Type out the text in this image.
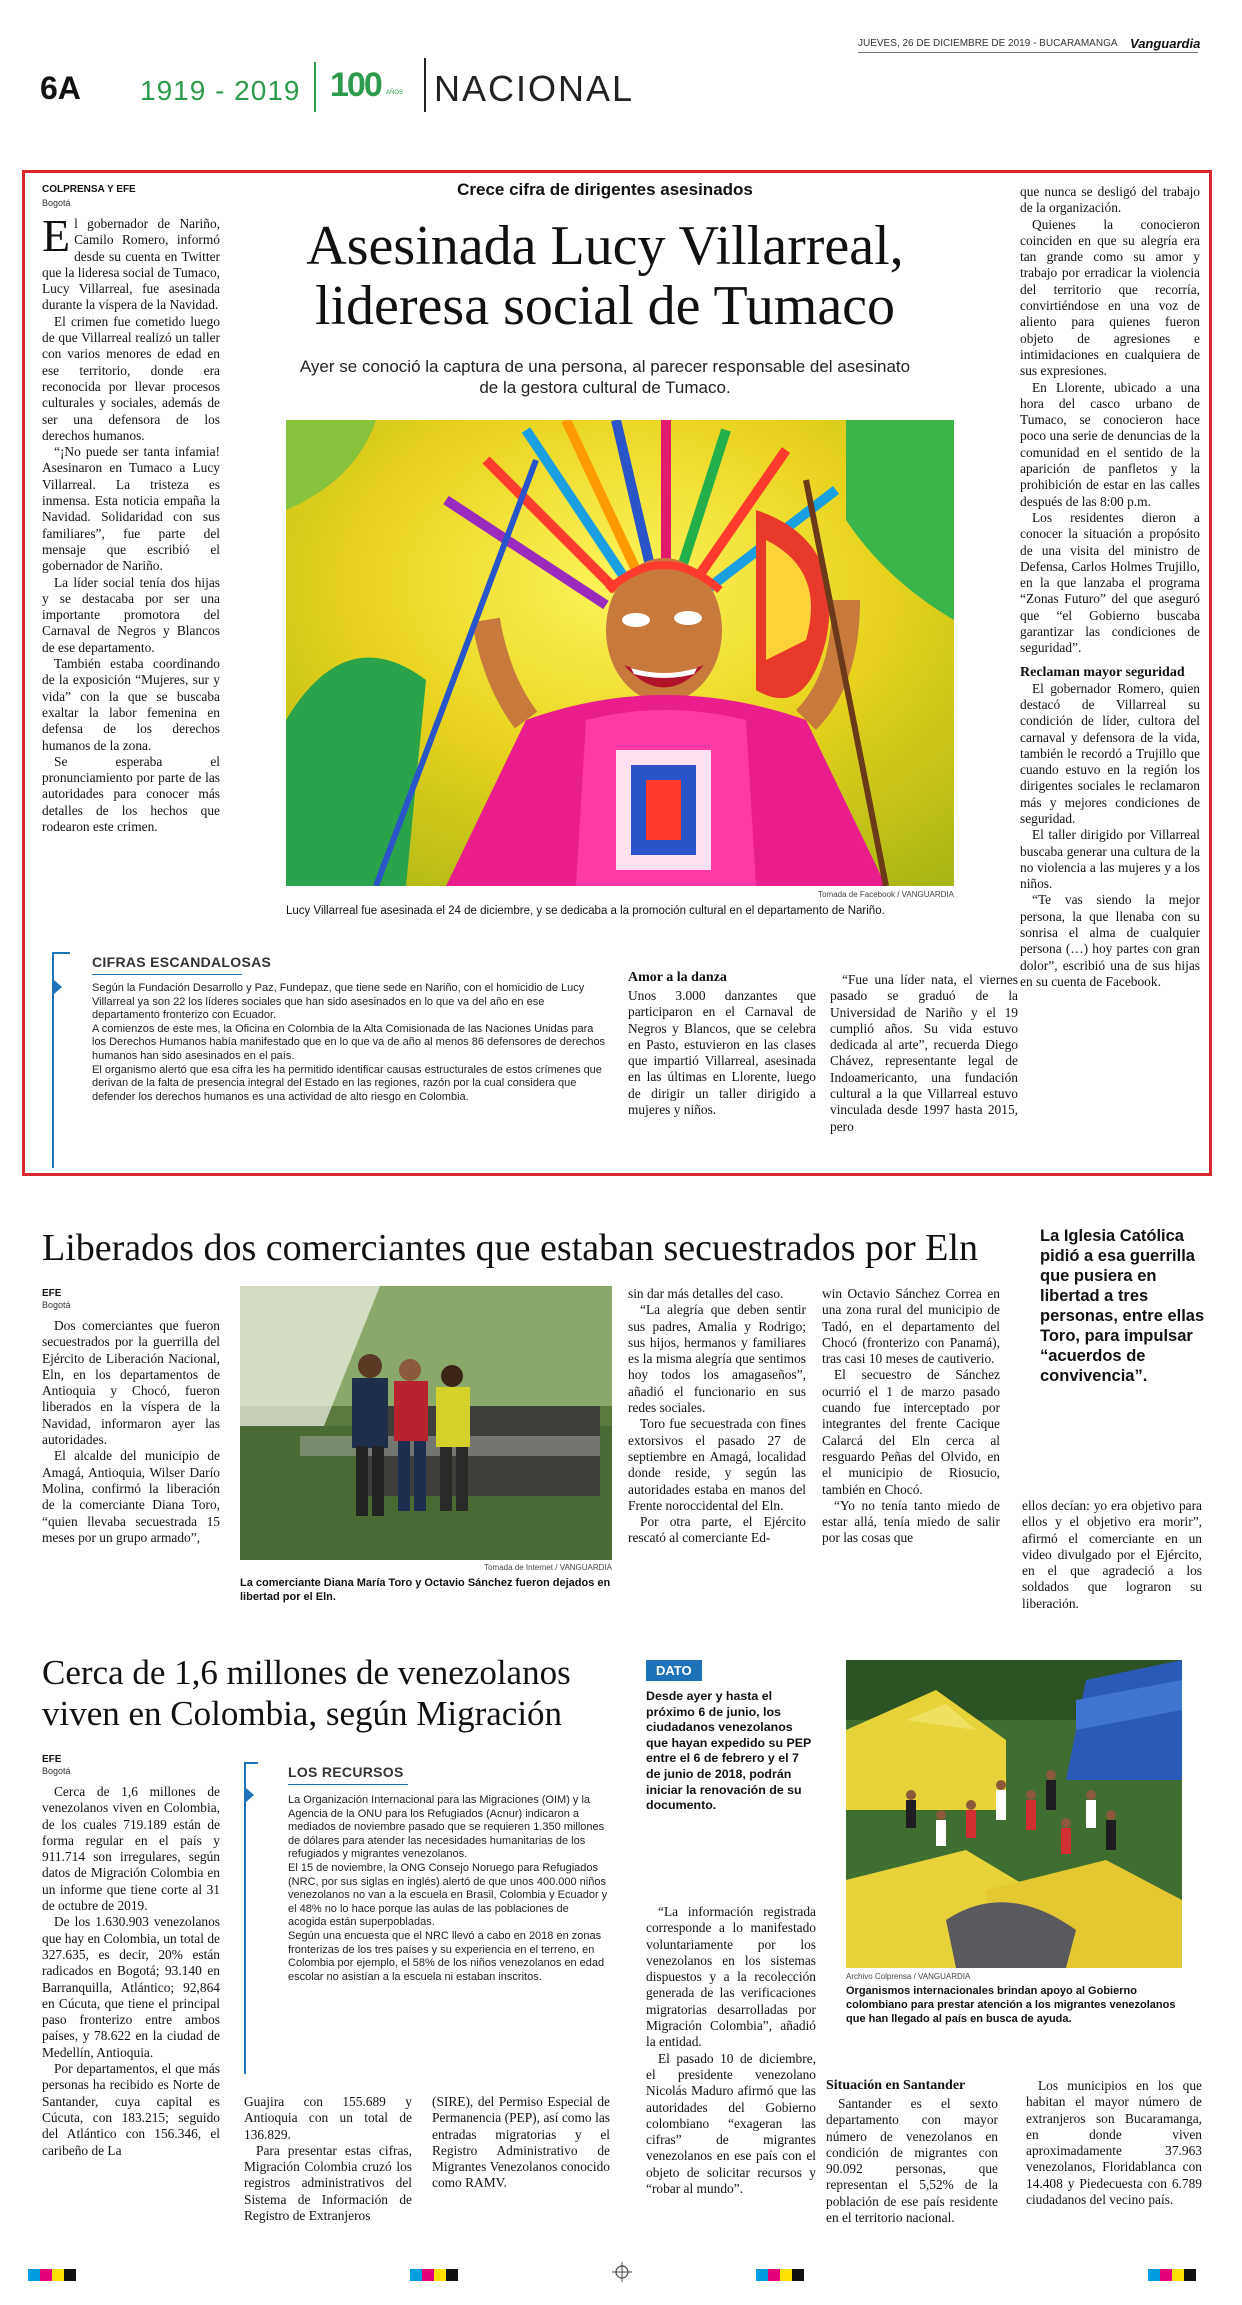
JUEVES, 26 DE DICIEMBRE DE 2019 - BUCARAMANGA Vanguardia
6A 1919 - 2019 100 AÑOS NACIONAL
COLPRENSA Y EFE
Bogotá

El gobernador de Nariño, Camilo Romero, informó desde su cuenta en Twitter que la lideresa social de Tumaco, Lucy Villarreal, fue asesinada durante la víspera de la Navidad.

El crimen fue cometido luego de que Villarreal realizó un taller con varios menores de edad en ese territorio, donde era reconocida por llevar procesos culturales y sociales, además de ser una defensora de los derechos humanos.

“¡No puede ser tanta infamia! Asesinaron en Tumaco a Lucy Villarreal. La tristeza es inmensa. Esta noticia empaña la Navidad. Solidaridad con sus familiares”, fue parte del mensaje que escribió el gobernador de Nariño.

La líder social tenía dos hijas y se destacaba por ser una importante promotora del Carnaval de Negros y Blancos de ese departamento.

También estaba coordinando de la exposición “Mujeres, sur y vida” con la que se buscaba exaltar la labor femenina en defensa de los derechos humanos de la zona.

Se esperaba el pronunciamiento por parte de las autoridades para conocer más detalles de los hechos que rodearon este crimen.

Crece cifra de dirigentes asesinados
Asesinada Lucy Villarreal,
lideresa social de Tumaco
Ayer se conoció la captura de una persona, al parecer responsable del asesinato
de la gestora cultural de Tumaco.
Tomada de Facebook / VANGUARDIA
Lucy Villarreal fue asesinada el 24 de diciembre, y se dedicaba a la promoción cultural en el departamento de Nariño.
CIFRAS ESCANDALOSAS

Según la Fundación Desarrollo y Paz, Fundepaz, que tiene sede en Nariño, con el homicidio de Lucy Villarreal ya son 22 los líderes sociales que han sido asesinados en lo que va del año en ese departamento fronterizo con Ecuador.

A comienzos de este mes, la Oficina en Colombia de la Alta Comisionada de las Naciones Unidas para los Derechos Humanos había manifestado que en lo que va de año al menos 86 defensores de derechos humanos han sido asesinados en el país.

El organismo alertó que esa cifra les ha permitido identificar causas estructurales de estos crímenes que derivan de la falta de presencia integral del Estado en las regiones, razón por la cual considera que defender los derechos humanos es una actividad de alto riesgo en Colombia.

Amor a la danza

Unos 3.000 danzantes que participaron en el Carnaval de Negros y Blancos, que se celebra en Pasto, estuvieron en las clases que impartió Villarreal, asesinada en las últimas en Llorente, luego de dirigir un taller dirigido a mujeres y niños.

“Fue una líder nata, el viernes pasado se graduó de la Universidad de Nariño y el 19 cumplió años. Su vida estuvo dedicada al arte”, recuerda Diego Chávez, representante legal de Indoamericanto, una fundación cultural a la que Villarreal estuvo vinculada desde 1997 hasta 2015, pero

que nunca se desligó del trabajo de la organización.

Quienes la conocieron coinciden en que su alegría era tan grande como su amor y trabajo por erradicar la violencia del territorio que recorría, convirtiéndose en una voz de aliento para quienes fueron objeto de agresiones e intimidaciones en cualquiera de sus expresiones.

En Llorente, ubicado a una hora del casco urbano de Tumaco, se conocieron hace poco una serie de denuncias de la comunidad en el sentido de la aparición de panfletos y la prohibición de estar en las calles después de las 8:00 p.m.

Los residentes dieron a conocer la situación a propósito de una visita del ministro de Defensa, Carlos Holmes Trujillo, en la que lanzaba el programa “Zonas Futuro” del que aseguró que “el Gobierno buscaba garantizar las condiciones de seguridad”.

Reclaman mayor seguridad

El gobernador Romero, quien destacó de Villarreal su condición de líder, cultora del carnaval y defensora de la vida, también le recordó a Trujillo que cuando estuvo en la región los dirigentes sociales le reclamaron más y mejores condiciones de seguridad.

El taller dirigido por Villarreal buscaba generar una cultura de la no violencia a las mujeres y a los niños.

“Te vas siendo la mejor persona, la que llenaba con su sonrisa el alma de cualquier persona (…) hoy partes con gran dolor”, escribió una de sus hijas en su cuenta de Facebook.

Liberados dos comerciantes que estaban secuestrados por Eln
EFE
Bogotá

Dos comerciantes que fueron secuestrados por la guerrilla del Ejército de Liberación Nacional, Eln, en los departamentos de Antioquia y Chocó, fueron liberados en la víspera de la Navidad, informaron ayer las autoridades.

El alcalde del municipio de Amagá, Antioquia, Wilser Darío Molina, confirmó la liberación de la comerciante Diana Toro, “quien llevaba secuestrada 15 meses por un grupo armado”,

Tomada de Internet / VANGUARDIA
La comerciante Diana María Toro y Octavio Sánchez fueron dejados en libertad por el Eln.

sin dar más detalles del caso.

“La alegría que deben sentir sus padres, Amalia y Rodrigo; sus hijos, hermanos y familiares es la misma alegría que sentimos hoy todos los amagaseños”, añadió el funcionario en sus redes sociales.

Toro fue secuestrada con fines extorsivos el pasado 27 de septiembre en Amagá, localidad donde reside, y según las autoridades estaba en manos del Frente noroccidental del Eln.

Por otra parte, el Ejército rescató al comerciante Ed-

win Octavio Sánchez Correa en una zona rural del municipio de Tadó, en el departamento del Chocó (fronterizo con Panamá), tras casi 10 meses de cautiverio.

El secuestro de Sánchez ocurrió el 1 de marzo pasado cuando fue interceptado por integrantes del frente Cacique Calarcá del Eln cerca al resguardo Peñas del Olvido, en el municipio de Riosucio, también en Chocó.

“Yo no tenía tanto miedo de estar allá, tenía miedo de salir por las cosas que

La Iglesia Católica pidió a esa guerrilla que pusiera en libertad a tres personas, entre ellas Toro, para impulsar “acuerdos de convivencia”.

ellos decían: yo era objetivo para ellos y el objetivo era morir”, afirmó el comerciante en un video divulgado por el Ejército, en el que agradeció a los soldados que lograron su liberación.

Cerca de 1,6 millones de venezolanos
viven en Colombia, según Migración
EFE
Bogotá

Cerca de 1,6 millones de venezolanos viven en Colombia, de los cuales 719.189 están de forma regular en el país y 911.714 son irregulares, según datos de Migración Colombia en un informe que tiene corte al 31 de octubre de 2019.

De los 1.630.903 venezolanos que hay en Colombia, un total de 327.635, es decir, 20% están radicados en Bogotá; 93.140 en Barranquilla, Atlántico; 92,864 en Cúcuta, que tiene el principal paso fronterizo entre ambos países, y 78.622 en la ciudad de Medellín, Antioquia.

Por departamentos, el que más personas ha recibido es Norte de Santander, cuya capital es Cúcuta, con 183.215; seguido del Atlántico con 156.346, el caribeño de La

LOS RECURSOS

La Organización Internacional para las Migraciones (OIM) y la Agencia de la ONU para los Refugiados (Acnur) indicaron a mediados de noviembre pasado que se requieren 1.350 millones de dólares para atender las necesidades humanitarias de los refugiados y migrantes venezolanos.

El 15 de noviembre, la ONG Consejo Noruego para Refugiados (NRC, por sus siglas en inglés) alertó de que unos 400.000 niños venezolanos no van a la escuela en Brasil, Colombia y Ecuador y el 48% no lo hace porque las aulas de las poblaciones de acogida están superpobladas.

Según una encuesta que el NRC llevó a cabo en 2018 en zonas fronterizas de los tres países y su experiencia en el terreno, en Colombia por ejemplo, el 58% de los niños venezolanos en edad escolar no asistían a la escuela ni estaban inscritos.

Guajira con 155.689 y Antioquia con un total de 136.829.

Para presentar estas cifras, Migración Colombia cruzó los registros administrativos del Sistema de Información de Registro de Extranjeros

(SIRE), del Permiso Especial de Permanencia (PEP), así como las entradas migratorias y el Registro Administrativo de Migrantes Venezolanos conocido como RAMV.

DATO
Desde ayer y hasta el próximo 6 de junio, los ciudadanos venezolanos que hayan expedido su PEP entre el 6 de febrero y el 7 de junio de 2018, podrán iniciar la renovación de su documento.

“La información registrada corresponde a lo manifestado voluntariamente por los venezolanos en los sistemas dispuestos y a la recolección generada de las verificaciones migratorias desarrolladas por Migración Colombia”, añadió la entidad.

El pasado 10 de diciembre, el presidente venezolano Nicolás Maduro afirmó que las autoridades del Gobierno colombiano “exageran las cifras” de migrantes venezolanos en ese país con el objeto de solicitar recursos y “robar al mundo”.

Archivo Colprensa / VANGUARDIA
Organismos internacionales brindan apoyo al Gobierno colombiano para prestar atención a los migrantes venezolanos que han llegado al país en busca de ayuda.
Situación en Santander

Santander es el sexto departamento con mayor número de venezolanos en condición de migrantes con 90.092 personas, que representan el 5,52% de la población de ese país residente en el territorio nacional.

Los municipios en los que habitan el mayor número de extranjeros son Bucaramanga, en donde viven aproximadamente 37.963 venezolanos, Floridablanca con 14.408 y Piedecuesta con 6.789 ciudadanos del vecino país.
